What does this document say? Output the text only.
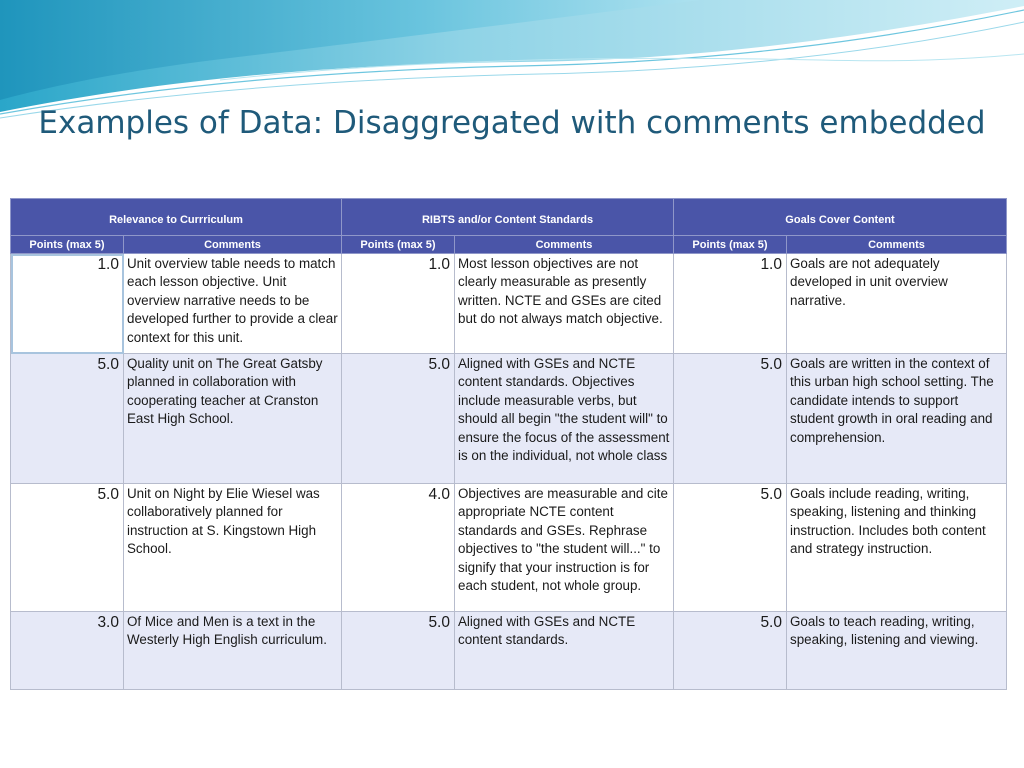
Examples of Data: Disaggregated with comments embedded
Relevance to Currriculum		RIBTS and/or Content Standards		Goals Cover Content	
Points (max 5)	Comments	Points (max 5)	Comments	Points (max 5)	Comments
1.0	Unit overview table needs to match each lesson objective. Unit overview narrative needs to be developed further to provide a clear context for this unit.	1.0	Most lesson objectives are not clearly measurable as presently written. NCTE and GSEs are cited but do not always match objective.	1.0	Goals are not adequately developed in unit overview narrative.
5.0	Quality unit on The Great Gatsby planned in collaboration with cooperating teacher at Cranston East High School.	5.0	Aligned with GSEs and NCTE content standards. Objectives include measurable verbs, but should all begin "the student will" to ensure the focus of the assessment is on the individual, not whole class	5.0	Goals are written in the context of this urban high school setting. The candidate intends to support student growth in oral reading and comprehension.
5.0	Unit on Night by Elie Wiesel was collaboratively planned for instruction at S. Kingstown High School.	4.0	Objectives are measurable and cite appropriate NCTE content standards and GSEs. Rephrase objectives to "the student will..." to signify that your instruction is for each student, not whole group.	5.0	Goals include reading, writing, speaking, listening and thinking instruction. Includes both content and strategy instruction.
3.0	Of Mice and Men is a text in the Westerly High English curriculum.	5.0	Aligned with GSEs and NCTE content standards.	5.0	Goals to teach reading, writing, speaking, listening and viewing.
